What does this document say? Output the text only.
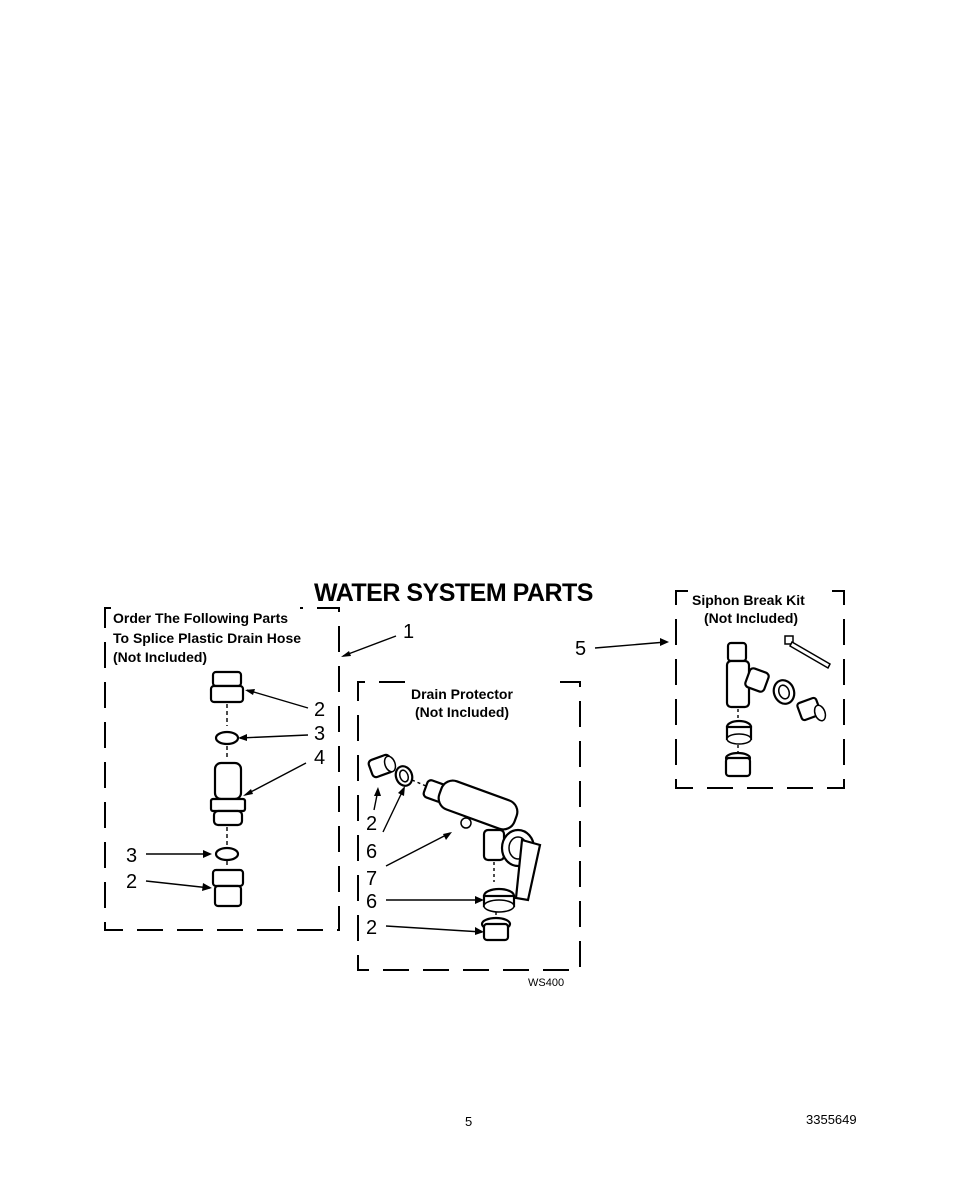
WATER SYSTEM PARTS
Order The Following Parts
To Splice Plastic Drain Hose
(Not Included)
2
3
4
3
2
1
Drain Protector
(Not Included)
2
6
7
6
2
WS400
Siphon Break Kit
(Not Included)
5
5	3355649
